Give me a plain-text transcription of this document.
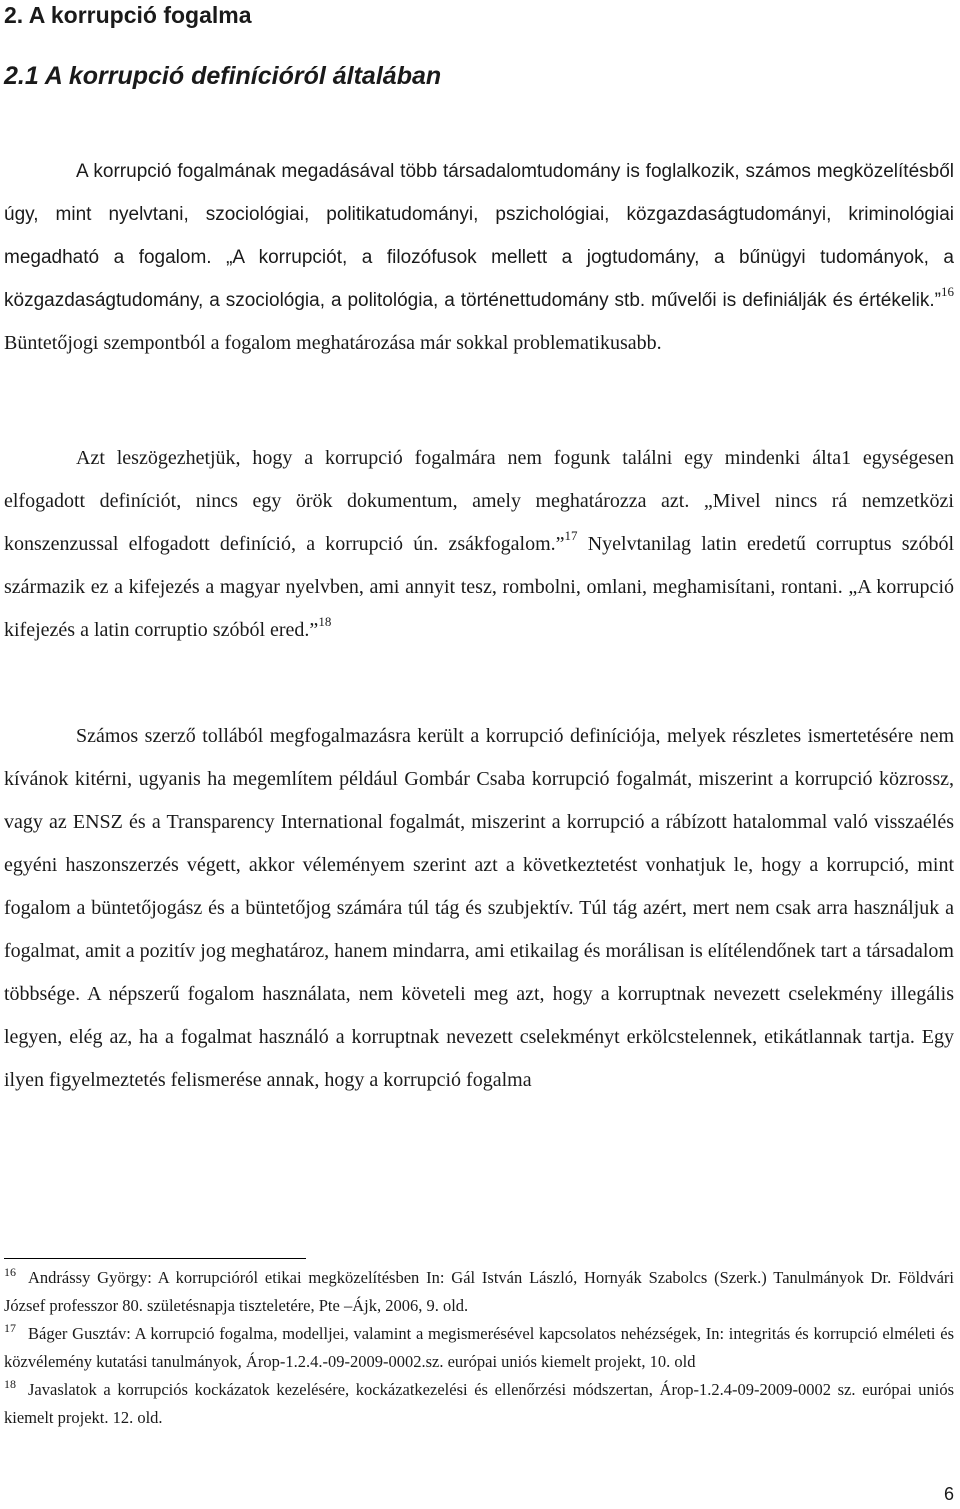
2. A korrupció fogalma
2.1 A korrupció definícióról általában

A korrupció fogalmának megadásával több társadalomtudomány is foglalkozik, számos megközelítésből úgy, mint nyelvtani, szociológiai, politikatudományi, pszichológiai, közgazdaságtudományi, kriminológiai megadható a fogalom. „A korrupciót, a filozófusok mellett a jogtudomány, a bűnügyi tudományok, a közgazdaságtudomány, a szociológia, a politológia, a történettudomány stb. művelői is definiálják és értékelik.”$^{16}$ Büntetőjogi szempontból a fogalom meghatározása már sokkal problematikusabb.

Azt leszögezhetjük, hogy a korrupció fogalmára nem fogunk találni egy mindenki álta1 egységesen elfogadott definíciót, nincs egy örök dokumentum, amely meghatározza azt. „Mivel nincs rá nemzetközi konszenzussal elfogadott definíció, a korrupció ún. zsákfogalom.”$^{17}$ Nyelvtanilag latin eredetű corruptus szóból származik ez a kifejezés a magyar nyelvben, ami annyit tesz, rombolni, omlani, meghamisítani, rontani. „A korrupció kifejezés a latin corruptio szóból ered.”$^{18}$

Számos szerző tollából megfogalmazásra került a korrupció definíciója, melyek részletes ismertetésére nem kívánok kitérni, ugyanis ha megemlítem például Gombár Csaba korrupció fogalmát, miszerint a korrupció közrossz, vagy az ENSZ és a Transparency International fogalmát, miszerint a korrupció a rábízott hatalommal való visszaélés egyéni haszonszerzés végett, akkor véleményem szerint azt a következtetést vonhatjuk le, hogy a korrupció, mint fogalom a büntetőjogász és a büntetőjog számára túl tág és szubjektív. Túl tág azért, mert nem csak arra használjuk a fogalmat, amit a pozitív jog meghatároz, hanem mindarra, ami etikailag és morálisan is elítélendőnek tart a társadalom többsége. A népszerű fogalom használata, nem követeli meg azt, hogy a korruptnak nevezett cselekmény illegális legyen, elég az, ha a fogalmat használó a korruptnak nevezett cselekményt erkölcstelennek, etikátlannak tartja. Egy ilyen figyelmeztetés felismerése annak, hogy a korrupció fogalma

$^{16}$ Andrássy György: A korrupcióról etikai megközelítésben In: Gál István László, Hornyák Szabolcs (Szerk.) Tanulmányok Dr. Földvári József professzor 80. születésnapja tiszteletére, Pte –Ájk, 2006, 9. old.

$^{17}$ Báger Gusztáv: A korrupció fogalma, modelljei, valamint a megismerésével kapcsolatos nehézségek, In: integritás és korrupció elméleti és közvélemény kutatási tanulmányok, Árop-1.2.4.-09-2009-0002.sz. európai uniós kiemelt projekt, 10. old

$^{18}$ Javaslatok a korrupciós kockázatok kezelésére, kockázatkezelési és ellenőrzési módszertan, Árop-1.2.4-09-2009-0002 sz. európai uniós kiemelt projekt. 12. old.

6
